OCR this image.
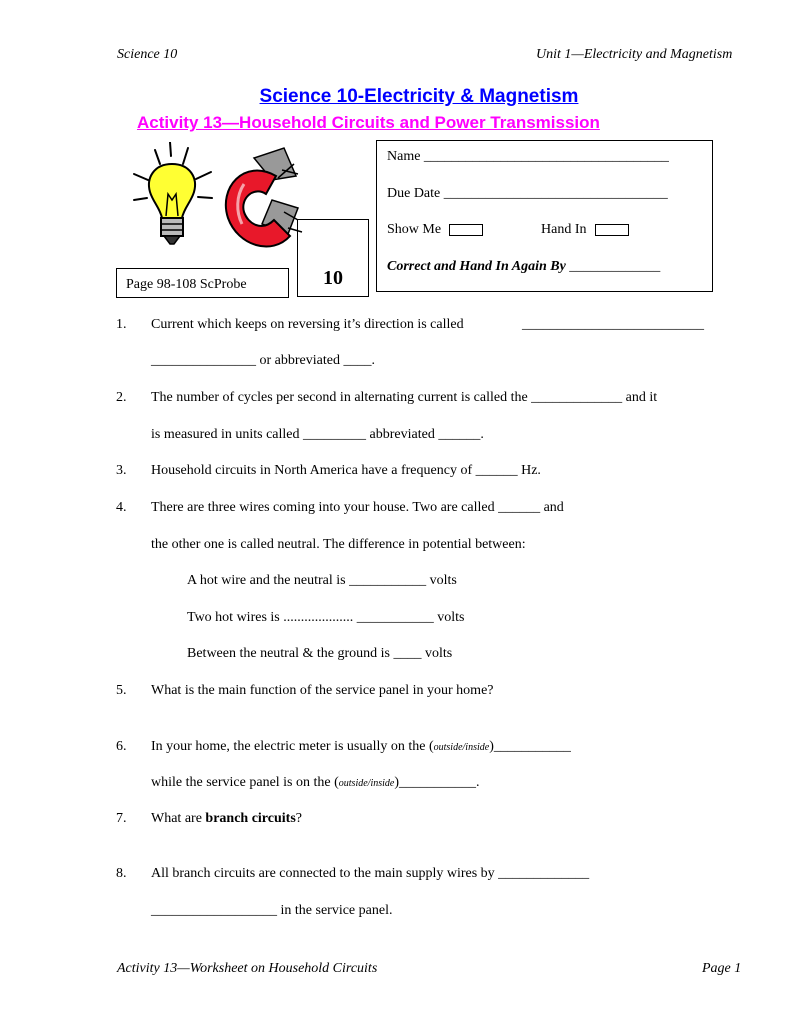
Science 10	Unit 1—Electricity and Magnetism
Science 10-Electricity & Magnetism
Activity 13—Household Circuits and Power Transmission
Page 98-108 ScProbe	10
Name ___________________________________
Due Date ________________________________
Show Me	Hand In
Correct and Hand In Again By _____________
1. Current which keeps on reversing it’s direction is called	__________________________
_______________ or abbreviated ____.
2. The number of cycles per second in alternating current is called the _____________ and it
is measured in units called _________ abbreviated ______.
3. Household circuits in North America have a frequency of ______ Hz.
4. There are three wires coming into your house. Two are called ______ and
the other one is called neutral. The difference in potential between:
A hot wire and the neutral is ___________ volts
Two hot wires is .................... ___________ volts
Between the neutral & the ground is ____ volts
5. What is the main function of the service panel in your home?
6. In your home, the electric meter is usually on the (outside/inside)___________
while the service panel is on the (outside/inside)___________.
7. What are branch circuits?
8. All branch circuits are connected to the main supply wires by _____________
__________________ in the service panel.
Activity 13—Worksheet on Household Circuits	Page 1
